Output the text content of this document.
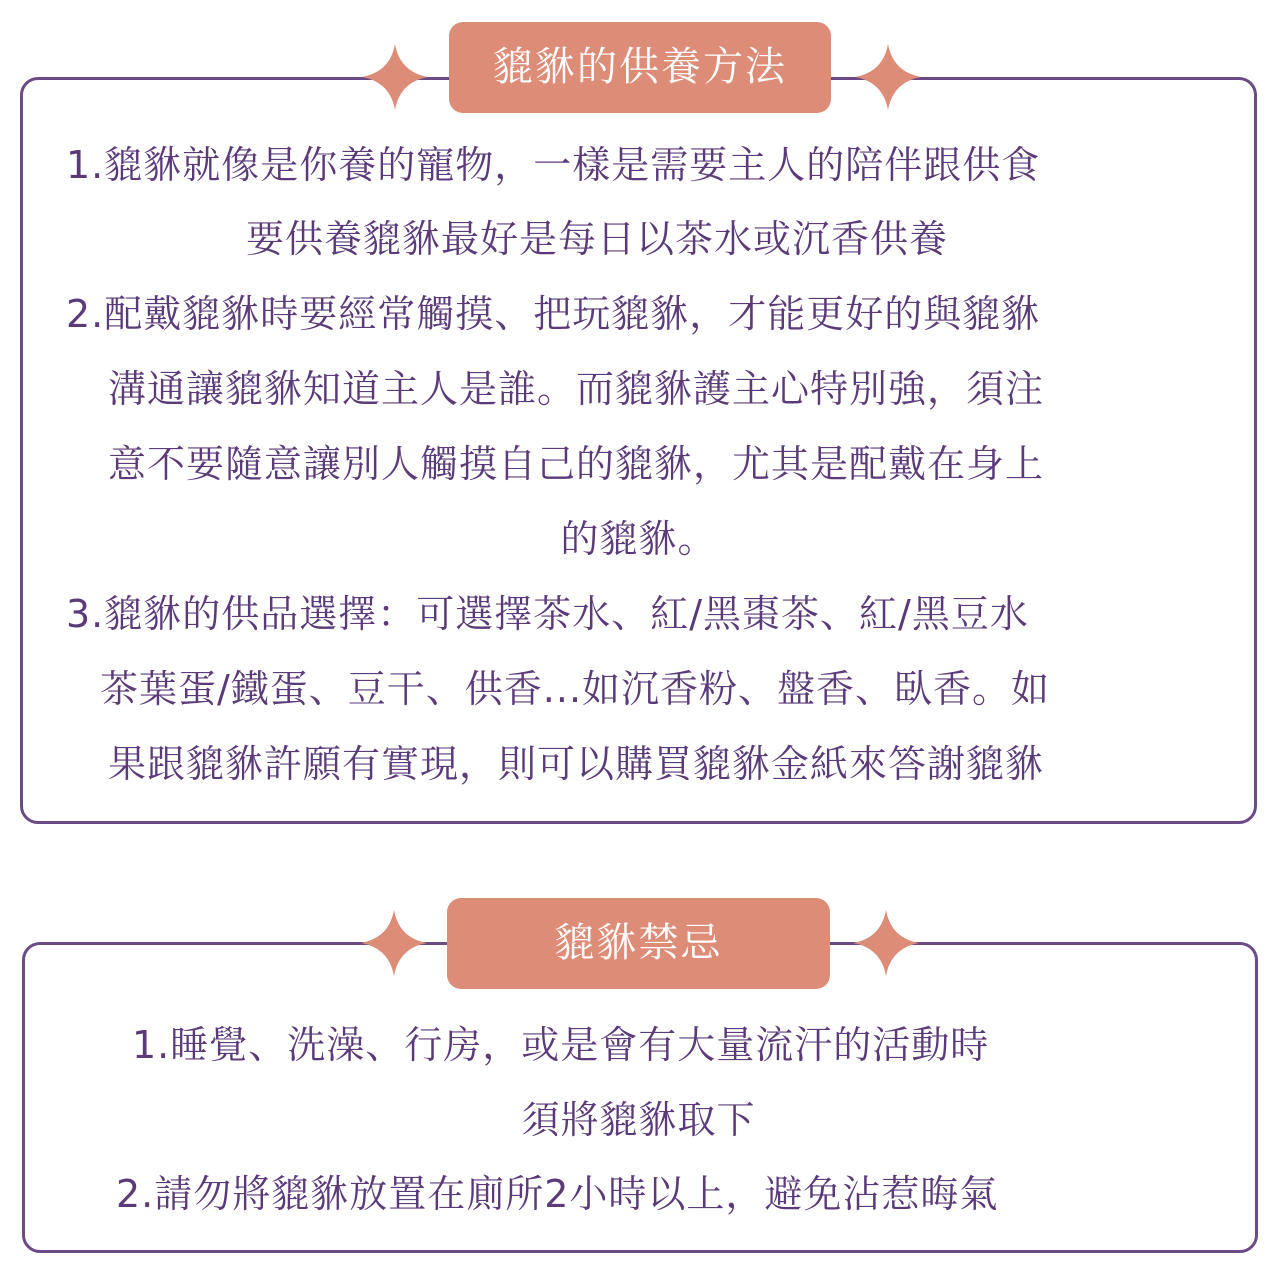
貔貅的供養方法
1.貔貅就像是你養的寵物，一樣是需要主人的陪伴跟供食
要供養貔貅最好是每日以茶水或沉香供養
2.配戴貔貅時要經常觸摸、把玩貔貅，才能更好的與貔貅
溝通讓貔貅知道主人是誰。而貔貅護主心特別強，須注
意不要隨意讓別人觸摸自己的貔貅，尤其是配戴在身上
的貔貅。
3.貔貅的供品選擇：可選擇茶水、紅/黑棗茶、紅/黑豆水
茶葉蛋/鐵蛋、豆干、供香...如沉香粉、盤香、臥香。如
果跟貔貅許願有實現，則可以購買貔貅金紙來答謝貔貅
貔貅禁忌
1.睡覺、洗澡、行房，或是會有大量流汗的活動時
須將貔貅取下
2.請勿將貔貅放置在廁所2小時以上，避免沾惹晦氣
